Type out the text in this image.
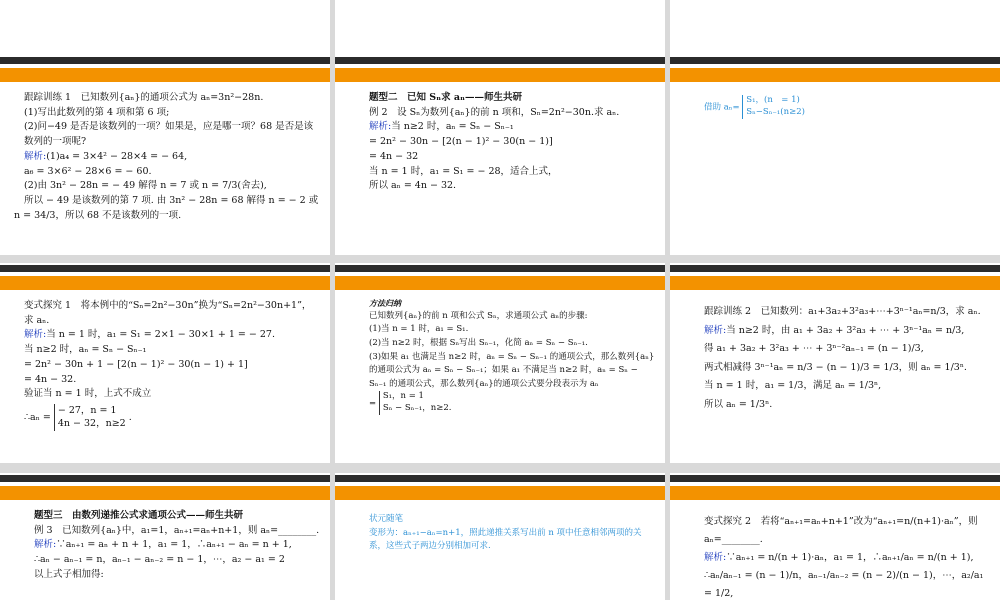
跟踪训练 1　已知数列{aₙ}的通项公式为 aₙ=3n²−28n.

(1)写出此数列的第 4 项和第 6 项;

(2)问−49 是否是该数列的一项？如果是，应是哪一项？68 是否是该数列的一项呢?

解析:(1)a₄ = 3×4² − 28×4 = − 64,

a₆ = 3×6² − 28×6 = − 60.

(2)由 3n² − 28n = − 49 解得 n = 7 或 n = 7/3(舍去),

所以 − 49 是该数列的第 7 项. 由 3n² − 28n = 68 解得 n = − 2 或

n = 34/3，所以 68 不是该数列的一项.

题型二　已知 Sₙ求 aₙ——师生共研

例 2　设 Sₙ为数列{aₙ}的前 n 项和，Sₙ=2n²−30n.求 aₙ.

解析:当 n≥2 时，aₙ = Sₙ − Sₙ₋₁

= 2n² − 30n − [2(n − 1)² − 30(n − 1)]

= 4n − 32

当 n = 1 时，a₁ = S₁ = − 28，适合上式，

所以 aₙ = 4n − 32.

借助 aₙ=
S₁，(n　= 1)
Sₙ−Sₙ₋₁(n≥2)

变式探究 1　将本例中的“Sₙ=2n²−30n”换为“Sₙ=2n²−30n+1”，求 aₙ.

解析:当 n = 1 时，a₁ = S₁ = 2×1 − 30×1 + 1 = − 27.

当 n≥2 时，aₙ = Sₙ − Sₙ₋₁

= 2n² − 30n + 1 − [2(n − 1)² − 30(n − 1) + 1]

= 4n − 32.

验证当 n = 1 时，上式不成立

∴aₙ =
− 27，n = 1
4n − 32，n≥2
.

方法归纳

已知数列{aₙ}的前 n 项和公式 Sₙ，求通项公式 aₙ的步骤:

(1)当 n = 1 时，a₁ = S₁.

(2)当 n≥2 时，根据 Sₙ写出 Sₙ₋₁，化简 aₙ = Sₙ − Sₙ₋₁.

(3)如果 a₁ 也满足当 n≥2 时，aₙ = Sₙ − Sₙ₋₁ 的通项公式，那么数列{aₙ}的通项公式为 aₙ = Sₙ − Sₙ₋₁；如果 a₁ 不满足当 n≥2 时，aₙ = Sₙ − Sₙ₋₁ 的通项公式，那么数列{aₙ}的通项公式要分段表示为 aₙ

=
S₁，n = 1
Sₙ − Sₙ₋₁，n≥2.

跟踪训练 2　已知数列：a₁+3a₂+3²a₃+⋯+3ⁿ⁻¹aₙ=n/3，求 aₙ.

解析:当 n≥2 时，由 a₁ + 3a₂ + 3²a₃ + ⋯ + 3ⁿ⁻¹aₙ = n/3,

得 a₁ + 3a₂ + 3²a₃ + ⋯ + 3ⁿ⁻²aₙ₋₁ = (n − 1)/3,

两式相减得 3ⁿ⁻¹aₙ = n/3 − (n − 1)/3 = 1/3，则 aₙ = 1/3ⁿ.

当 n = 1 时，a₁ = 1/3，满足 aₙ = 1/3ⁿ,

所以 aₙ = 1/3ⁿ.

题型三　由数列递推公式求通项公式——师生共研

例 3　已知数列{aₙ}中，a₁=1，aₙ₊₁=aₙ+n+1，则 aₙ=________.

解析:∵aₙ₊₁ = aₙ + n + 1，a₁ = 1，∴aₙ₊₁ − aₙ = n + 1,

∴aₙ − aₙ₋₁ = n，aₙ₋₁ − aₙ₋₂ = n − 1，⋯，a₂ − a₁ = 2

以上式子相加得:

状元随笔

变形为：aₙ₊₁−aₙ=n+1，照此递推关系写出前 n 项中任意相邻两项的关系，这些式子两边分别相加可求.

变式探究 2　若将“aₙ₊₁=aₙ+n+1”改为“aₙ₊₁=n/(n+1)·aₙ”，则 aₙ=________.

解析:∵aₙ₊₁ = n/(n + 1)·aₙ，a₁ = 1，∴aₙ₊₁/aₙ = n/(n + 1),

∴aₙ/aₙ₋₁ = (n − 1)/n，aₙ₋₁/aₙ₋₂ = (n − 2)/(n − 1)，⋯，a₂/a₁ = 1/2,
